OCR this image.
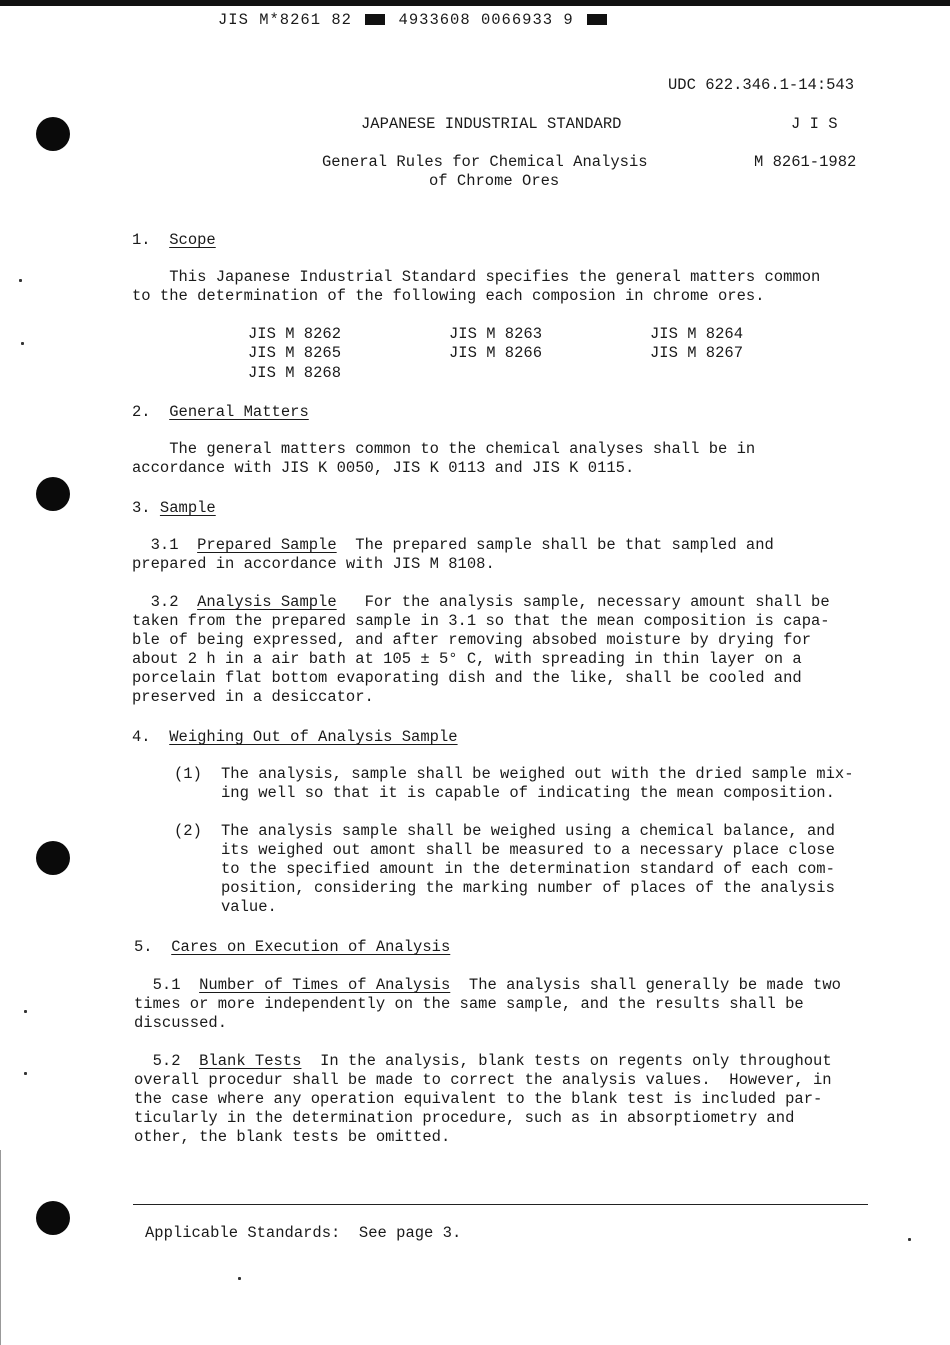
JIS M*8261 82	4933608 0066933 9
UDC 622.346.1-14:543
JAPANESE INDUSTRIAL STANDARD	J I S
General Rules for Chemical Analysis
of Chrome Ores
M 8261-1982
1. Scope
This Japanese Industrial Standard specifies the general matters common
to the determination of the following each composion in chrome ores.
JIS M 8262	JIS M 8263	JIS M 8264
JIS M 8265	JIS M 8266	JIS M 8267
JIS M 8268
2. General Matters
The general matters common to the chemical analyses shall be in
accordance with JIS K 0050, JIS K 0113 and JIS K 0115.
3. Sample
3.1 Prepared Sample The prepared sample shall be that sampled and
prepared in accordance with JIS M 8108.
3.2 Analysis Sample For the analysis sample, necessary amount shall be
taken from the prepared sample in 3.1 so that the mean composition is capa-
ble of being expressed, and after removing absobed moisture by drying for
about 2 h in a air bath at 105 ± 5° C, with spreading in thin layer on a
porcelain flat bottom evaporating dish and the like, shall be cooled and
preserved in a desiccator.
4. Weighing Out of Analysis Sample
(1) The analysis, sample shall be weighed out with the dried sample mix-
ing well so that it is capable of indicating the mean composition.
(2) The analysis sample shall be weighed using a chemical balance, and
its weighed out amont shall be measured to a necessary place close
to the specified amount in the determination standard of each com-
position, considering the marking number of places of the analysis
value.
5. Cares on Execution of Analysis
5.1 Number of Times of Analysis The analysis shall generally be made two
times or more independently on the same sample, and the results shall be
discussed.
5.2 Blank Tests In the analysis, blank tests on regents only throughout
overall procedur shall be made to correct the analysis values.  However, in
the case where any operation equivalent to the blank test is included par-
ticularly in the determination procedure, such as in absorptiometry and
other, the blank tests be omitted.
Applicable Standards:  See page 3.
